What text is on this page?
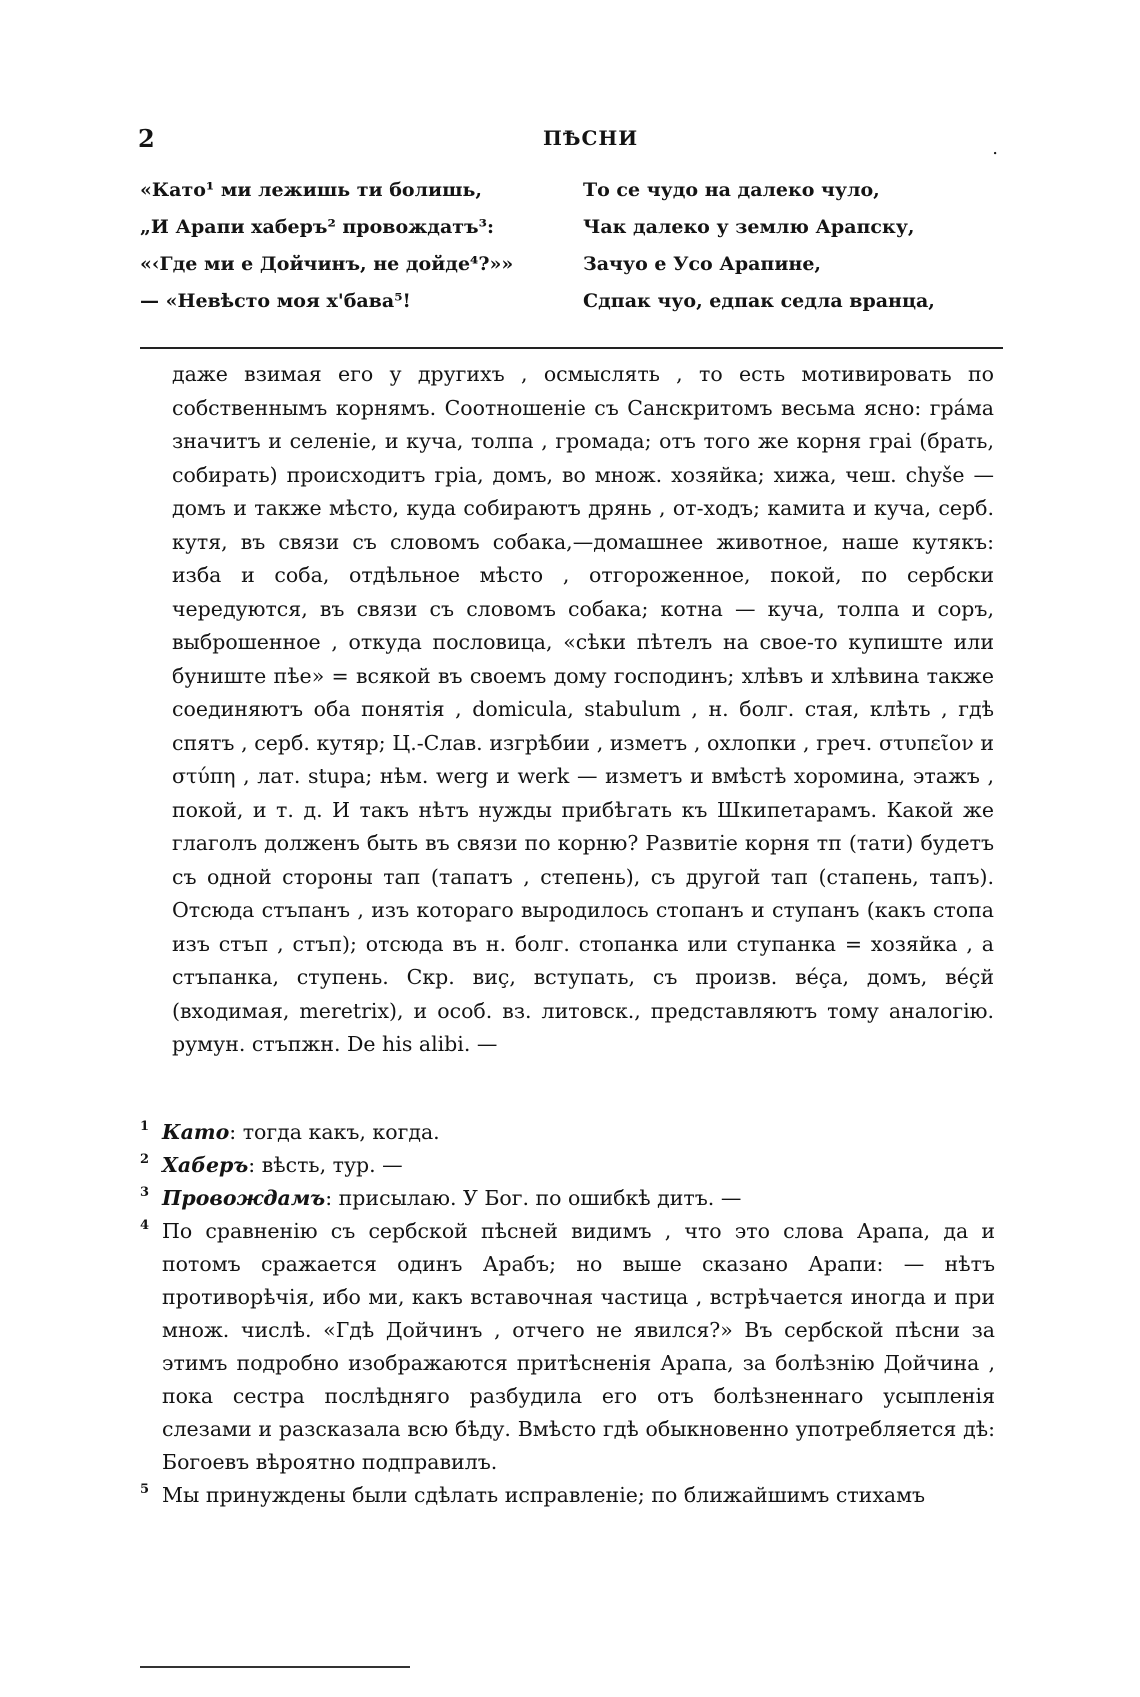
2	ПѢСНИ	.
«Като¹ ми лежишь ти болишь,
„И Арапи хаберъ² провождатъ³:
«‹Где ми е Дойчинъ, не дойде⁴?»»
— «Невѣсто моя х'бава⁵!
То се чудо на далеко чуло,
Чак далеко у землю Арапску,
Зачуо е Усо Арапине,
Сдпак чуо, едпак седла вранца,

даже взимая его у другихъ , осмыслять , то есть мотивировать по собственнымъ корнямъ. Соотношеніе съ Санскритомъ весьма ясно: грáма значитъ и селеніе, и куча, толпа , громада; отъ того же корня граі (брать, собирать) происходитъ гріа, домъ, во множ. хозяйка; хижа, чеш. chyše — домъ и также мѣсто, куда собираютъ дрянь , от-ходъ; камита и куча, серб. кутя, въ связи съ словомъ собака,—домашнее животное, наше кутякъ: изба и соба, отдѣльное мѣсто , отгороженное, покой, по сербски чередуются, въ связи съ словомъ собака; котна — куча, толпа и соръ, выброшенное , откуда пословица, «сѣки пѣтелъ на свое-то купиште или буниште пѣе» = всякой въ своемъ дому господинъ; хлѣвъ и хлѣвина также соединяютъ оба понятія , domicula, stabulum , н. болг. стая, клѣть , гдѣ спятъ , серб. кутяр; Ц.-Слав. изгрѣбии , изметъ , охлопки , греч. στυπεῖον и στύπη , лат. stupa; нѣм. werg и werk — изметъ и вмѣстѣ хоромина, этажъ , покой, и т. д. И такъ нѣтъ нужды прибѣгать къ Шкипетарамъ. Какой же глаголъ долженъ быть въ связи по корню? Развитіе корня тп (тати) будетъ съ одной стороны тап (тапатъ , степень), съ другой тап (стапень, тапъ). Отсюда стъпанъ , изъ котораго выродилось стопанъ и ступанъ (какъ стопа изъ стъп , стъп); отсюда въ н. болг. стопанка или ступанка = хозяйка , а стъпанка, ступень. Скр. виç, вступать, съ произв. вéçа, домъ, вéçй (входимая, meretrix), и особ. вз. литовск., представляютъ тому аналогію. румун. стъпжн. De his alibi. —

1 Като: тогда какъ, когда.
2 Хаберъ: вѣсть, тур. —
3 Провождамъ: присылаю. У Бог. по ошибкѣ дитъ. —
4 По сравненію съ сербской пѣсней видимъ , что это слова Арапа, да и потомъ сражается одинъ Арабъ; но выше сказано Арапи: — нѣтъ противорѣчія, ибо ми, какъ вставочная частица , встрѣчается иногда и при множ. числѣ. «Гдѣ Дойчинъ , отчего не явился?» Въ сербской пѣсни за этимъ подробно изображаются притѣсненія Арапа, за болѣзнію Дойчина , пока сестра послѣдняго разбудила его отъ болѣзненнаго усыпленія слезами и разсказала всю бѣду. Вмѣсто гдѣ обыкновенно употребляется дѣ: Богоевъ вѣроятно подправилъ.
5 Мы принуждены были сдѣлать исправленіе; по ближайшимъ стихамъ
